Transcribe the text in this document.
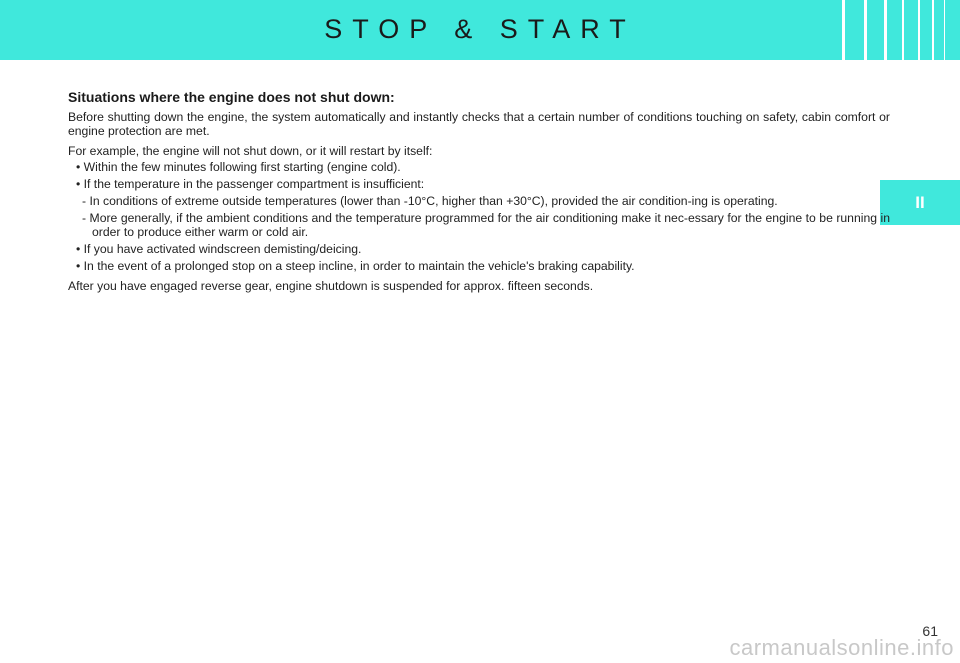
STOP & START
II
Situations where the engine does not shut down:

Before shutting down the engine, the system automatically and instantly checks that a certain number of conditions touching on safety, cabin comfort or engine protection are met.

For example, the engine will not shut down, or it will restart by itself:

• Within the few minutes following first starting (engine cold).

• If the temperature in the passenger compartment is insufficient:

- In conditions of extreme outside temperatures (lower than -10°C, higher than +30°C), provided the air condition-ing is operating.

- More generally, if the ambient conditions and the temperature programmed for the air conditioning make it nec-essary for the engine to be running in order to produce either warm or cold air.

• If you have activated windscreen demisting/deicing.

• In the event of a prolonged stop on a steep incline, in order to maintain the vehicle's braking capability.

After you have engaged reverse gear, engine shutdown is suspended for approx. fifteen seconds.

61
carmanualsonline.info
